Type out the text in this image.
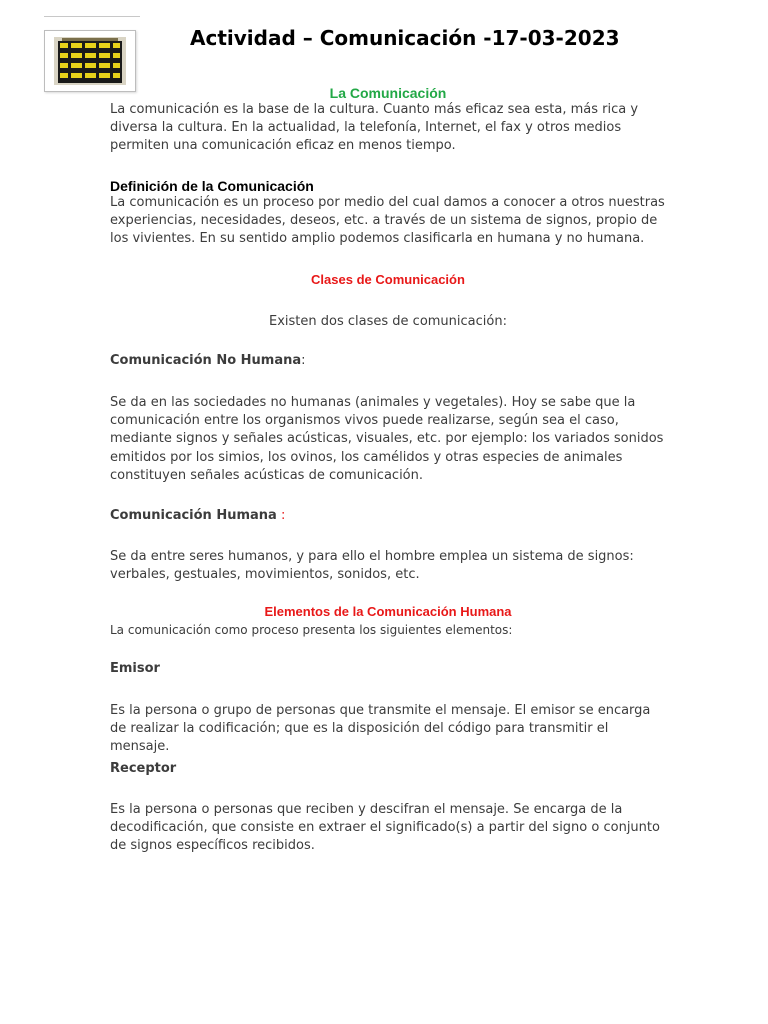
Actividad – Comunicación -17-03-2023
La Comunicación

La comunicación es la base de la cultura. Cuanto más eficaz sea esta, más rica y diversa la cultura. En la actualidad, la telefonía, Internet, el fax y otros medios permiten una comunicación eficaz en menos tiempo.

Definición de la Comunicación

La comunicación es un proceso por medio del cual damos a conocer a otros nuestras experiencias, necesidades, deseos, etc. a través de un sistema de signos, propio de los vivientes. En su sentido amplio podemos clasificarla en humana y no humana.

Clases de Comunicación

Existen dos clases de comunicación:

Comunicación No Humana:

Se da en las sociedades no humanas (animales y vegetales). Hoy se sabe que la comunicación entre los organismos vivos puede realizarse, según sea el caso, mediante signos y señales acústicas, visuales, etc. por ejemplo: los variados sonidos emitidos por los simios, los ovinos, los camélidos y otras especies de animales constituyen señales acústicas de comunicación.

Comunicación Humana :

Se da entre seres humanos, y para ello el hombre emplea un sistema de signos: verbales, gestuales, movimientos, sonidos, etc.

Elementos de la Comunicación Humana

La comunicación como proceso presenta los siguientes elementos:

Emisor

Es la persona o grupo de personas que transmite el mensaje. El emisor se encarga de realizar la codificación; que es la disposición del código para transmitir el mensaje.

Receptor

Es la persona o personas que reciben y descifran el mensaje. Se encarga de la decodificación, que consiste en extraer el significado(s) a partir del signo o conjunto de signos específicos recibidos.
